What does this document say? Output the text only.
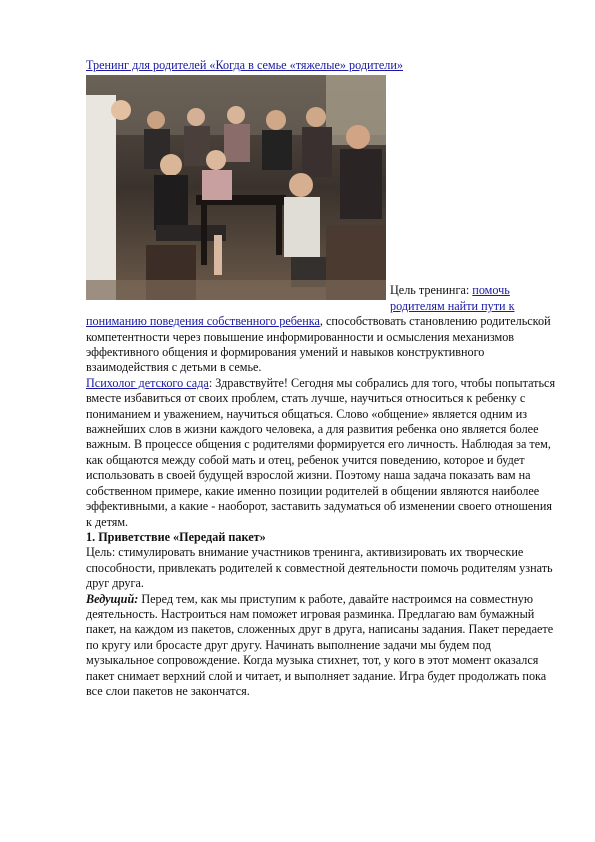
Тренинг для родителей «Когда в семье «тяжелые» родители»

Цель тренинга: помочь родителям найти пути к пониманию поведения собственного ребенка, способствовать становлению родительской компетентности через повышение информированности и осмысления механизмов эффективного общения и формирования умений и навыков конструктивного взаимодействия с детьми в семье.

Психолог детского сада: Здравствуйте! Сегодня мы собрались для того, чтобы попытаться вместе избавиться от своих проблем, стать лучше, научиться относиться к ребенку с пониманием и уважением, научиться общаться. Слово «общение» является одним из важнейших слов в жизни каждого человека, а для развития ребенка оно является более важным. В процессе общения с родителями формируется его личность. Наблюдая за тем, как общаются между собой мать и отец, ребенок учится поведению, которое и будет использовать в своей будущей взрослой жизни. Поэтому наша задача показать вам на собственном примере, какие именно позиции родителей в общении являются наиболее эффективными, а какие - наоборот, заставить задуматься об изменении своего отношения к детям.

1. Приветствие «Передай пакет»

Цель: стимулировать внимание участников тренинга, активизировать их творческие способности, привлекать родителей к совместной деятельности помочь родителям узнать друг друга.

Ведущий: Перед тем, как мы приступим к работе, давайте настроимся на совместную деятельность. Настроиться нам поможет игровая разминка. Предлагаю вам бумажный пакет, на каждом из пакетов, сложенных друг в друга, написаны задания. Пакет передаете по кругу или бросасте друг другу. Начинать выполнение задачи мы будем под музыкальное сопровождение. Когда музыка стихнет, тот, у кого в этот момент оказался пакет снимает верхний слой и читает, и выполняет задание. Игра будет продолжать пока все слои пакетов не закончатся.
